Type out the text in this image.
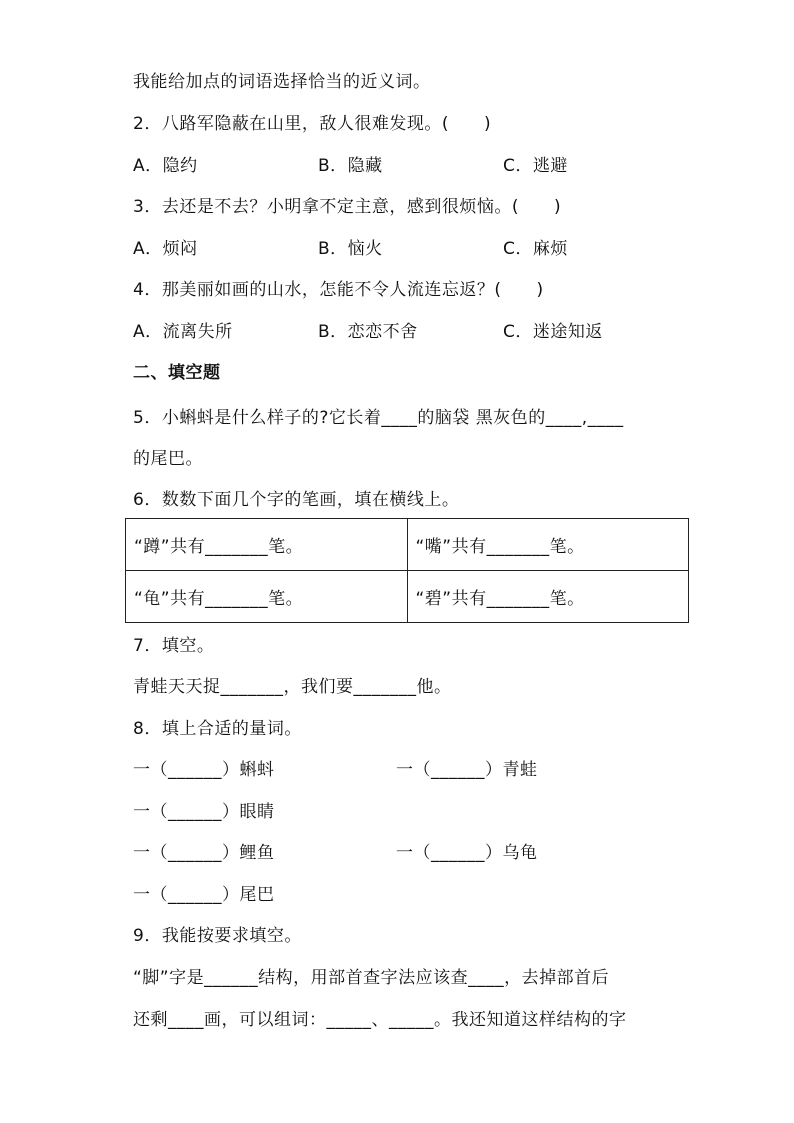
我能给加点的词语选择恰当的近义词。
2．八路军隐蔽在山里，敌人很难发现。(　　)
A．隐约	B．隐藏	C．逃避
3．去还是不去？小明拿不定主意，感到很烦恼。(　　)
A．烦闷	B．恼火	C．麻烦
4．那美丽如画的山水，怎能不令人流连忘返？(　　)
A．流离失所	B．恋恋不舍	C．迷途知返
二、填空题
5．小蝌蚪是什么样子的?它长着____的脑袋 黑灰色的____,____
的尾巴。
6．数数下面几个字的笔画，填在横线上。
“蹲”共有_______笔。	“嘴”共有_______笔。
“龟”共有_______笔。	“碧”共有_______笔。
7．填空。
青蛙天天捉_______，我们要_______他。
8．填上合适的量词。
一（______）蝌蚪	一（______）青蛙
一（______）眼睛
一（______）鲤鱼	一（______）乌龟
一（______）尾巴
9．我能按要求填空。
“脚”字是______结构，用部首查字法应该查____，去掉部首后
还剩____画，可以组词：_____、_____。我还知道这样结构的字
